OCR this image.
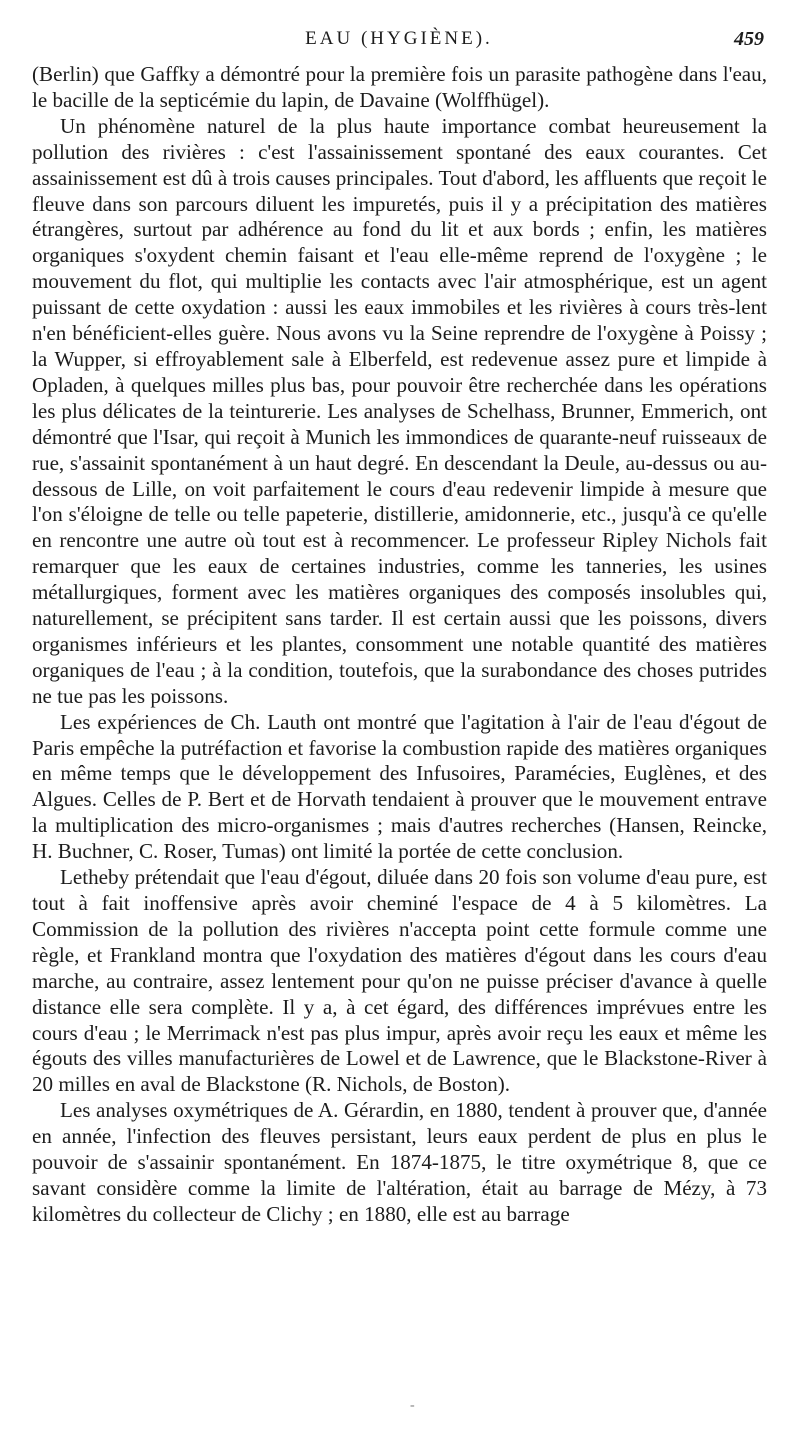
EAU (HYGIÈNE).	459

(Berlin) que Gaffky a démontré pour la première fois un parasite pathogène dans l'eau, le bacille de la septicémie du lapin, de Davaine (Wolffhügel).

Un phénomène naturel de la plus haute importance combat heureusement la pollution des rivières : c'est l'assainissement spontané des eaux courantes. Cet assainissement est dû à trois causes principales. Tout d'abord, les affluents que reçoit le fleuve dans son parcours diluent les impuretés, puis il y a précipitation des matières étrangères, surtout par adhérence au fond du lit et aux bords ; enfin, les matières organiques s'oxydent chemin faisant et l'eau elle-même reprend de l'oxygène ; le mouvement du flot, qui multiplie les contacts avec l'air atmosphérique, est un agent puissant de cette oxydation : aussi les eaux immobiles et les rivières à cours très-lent n'en bénéficient-elles guère. Nous avons vu la Seine reprendre de l'oxygène à Poissy ; la Wupper, si effroyablement sale à Elberfeld, est redevenue assez pure et limpide à Opladen, à quelques milles plus bas, pour pouvoir être recherchée dans les opérations les plus délicates de la teinturerie. Les analyses de Schelhass, Brunner, Emmerich, ont démontré que l'Isar, qui reçoit à Munich les immondices de quarante-neuf ruisseaux de rue, s'assainit spontanément à un haut degré. En descendant la Deule, au-dessus ou au-dessous de Lille, on voit parfaitement le cours d'eau redevenir limpide à mesure que l'on s'éloigne de telle ou telle papeterie, distillerie, amidonnerie, etc., jusqu'à ce qu'elle en rencontre une autre où tout est à recommencer. Le professeur Ripley Nichols fait remarquer que les eaux de certaines industries, comme les tanneries, les usines métallurgiques, forment avec les matières organiques des composés insolubles qui, naturellement, se précipitent sans tarder. Il est certain aussi que les poissons, divers organismes inférieurs et les plantes, consomment une notable quantité des matières organiques de l'eau ; à la condition, toutefois, que la surabondance des choses putrides ne tue pas les poissons.

Les expériences de Ch. Lauth ont montré que l'agitation à l'air de l'eau d'égout de Paris empêche la putréfaction et favorise la combustion rapide des matières organiques en même temps que le développement des Infusoires, Paramécies, Euglènes, et des Algues. Celles de P. Bert et de Horvath tendaient à prouver que le mouvement entrave la multiplication des micro-organismes ; mais d'autres recherches (Hansen, Reincke, H. Buchner, C. Roser, Tumas) ont limité la portée de cette conclusion.

Letheby prétendait que l'eau d'égout, diluée dans 20 fois son volume d'eau pure, est tout à fait inoffensive après avoir cheminé l'espace de 4 à 5 kilomètres. La Commission de la pollution des rivières n'accepta point cette formule comme une règle, et Frankland montra que l'oxydation des matières d'égout dans les cours d'eau marche, au contraire, assez lentement pour qu'on ne puisse préciser d'avance à quelle distance elle sera complète. Il y a, à cet égard, des différences imprévues entre les cours d'eau ; le Merrimack n'est pas plus impur, après avoir reçu les eaux et même les égouts des villes manufacturières de Lowel et de Lawrence, que le Blackstone-River à 20 milles en aval de Blackstone (R. Nichols, de Boston).

Les analyses oxymétriques de A. Gérardin, en 1880, tendent à prouver que, d'année en année, l'infection des fleuves persistant, leurs eaux perdent de plus en plus le pouvoir de s'assainir spontanément. En 1874-1875, le titre oxymétrique 8, que ce savant considère comme la limite de l'altération, était au barrage de Mézy, à 73 kilomètres du collecteur de Clichy ; en 1880, elle est au barrage

-
